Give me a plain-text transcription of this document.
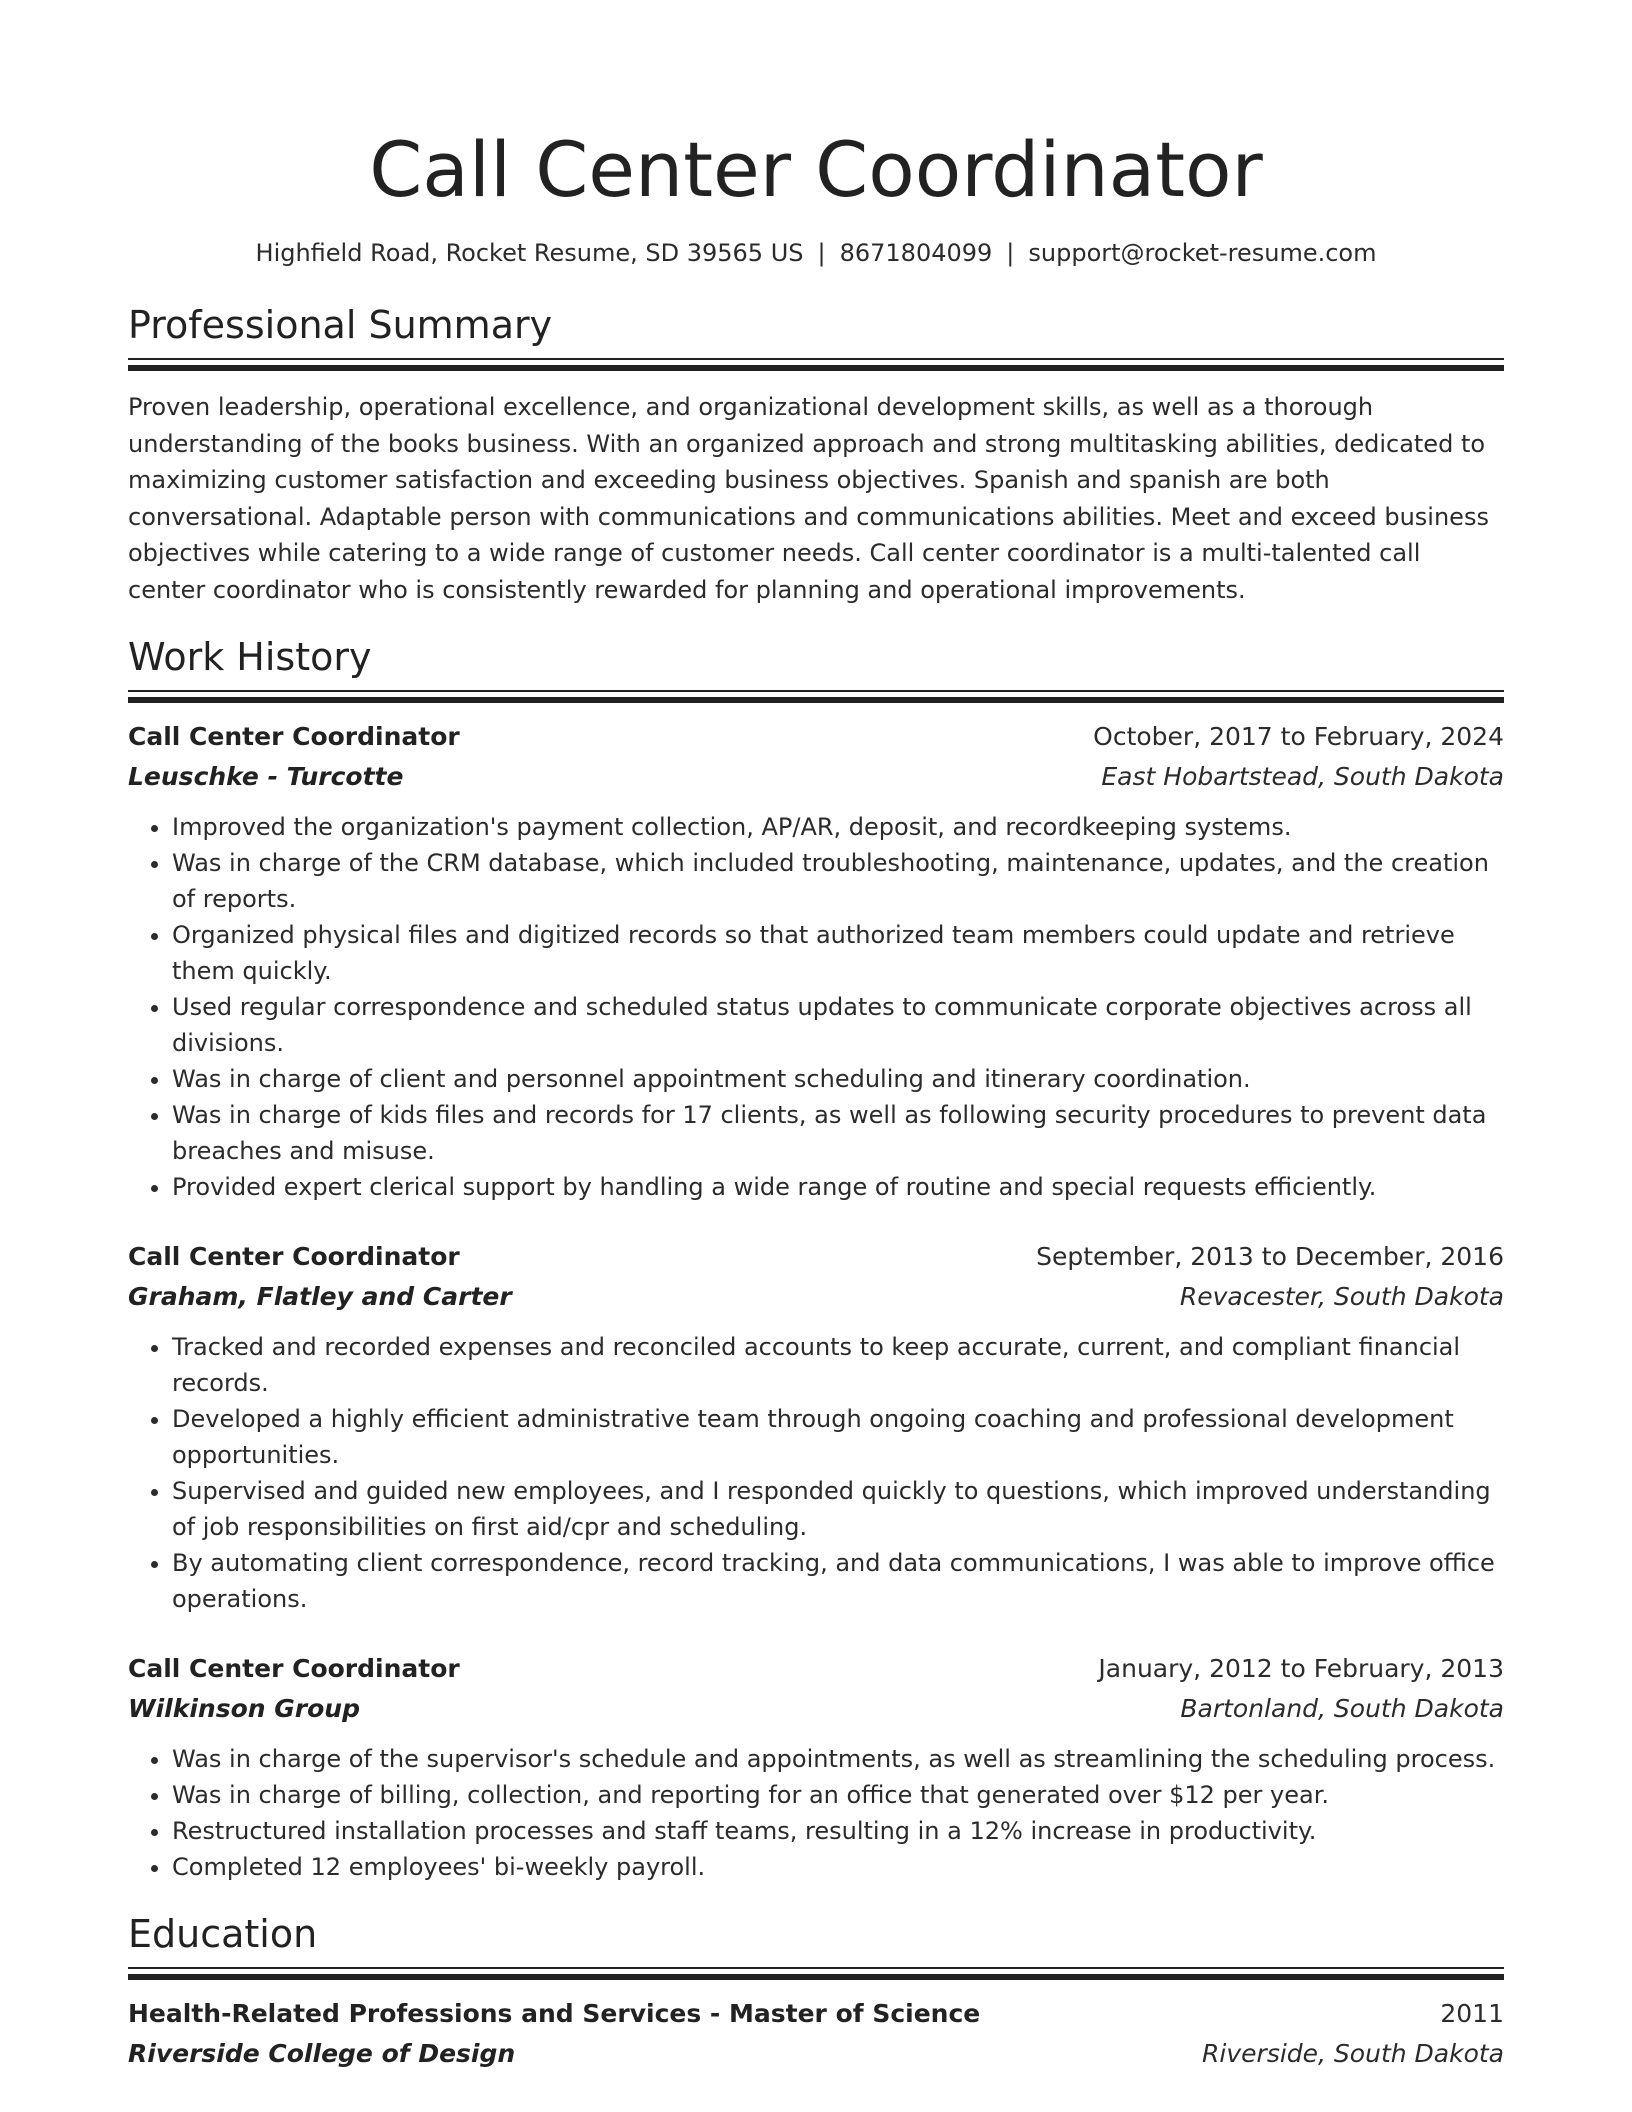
Call Center Coordinator
Highfield Road, Rocket Resume, SD 39565 US | 8671804099 | support@rocket-resume.com
Professional Summary
Proven leadership, operational excellence, and organizational development skills, as well as a thorough understanding of the books business. With an organized approach and strong multitasking abilities, dedicated to maximizing customer satisfaction and exceeding business objectives. Spanish and spanish are both conversational. Adaptable person with communications and communications abilities. Meet and exceed business objectives while catering to a wide range of customer needs. Call center coordinator is a multi-talented call center coordinator who is consistently rewarded for planning and operational improvements.
Work History
Call Center Coordinator	October, 2017 to February, 2024
Leuschke - Turcotte	East Hobartstead, South Dakota
• Improved the organization's payment collection, AP/AR, deposit, and recordkeeping systems.
• Was in charge of the CRM database, which included troubleshooting, maintenance, updates, and the creation of reports.
• Organized physical files and digitized records so that authorized team members could update and retrieve them quickly.
• Used regular correspondence and scheduled status updates to communicate corporate objectives across all divisions.
• Was in charge of client and personnel appointment scheduling and itinerary coordination.
• Was in charge of kids files and records for 17 clients, as well as following security procedures to prevent data breaches and misuse.
• Provided expert clerical support by handling a wide range of routine and special requests efficiently.
Call Center Coordinator	September, 2013 to December, 2016
Graham, Flatley and Carter	Revacester, South Dakota
• Tracked and recorded expenses and reconciled accounts to keep accurate, current, and compliant financial records.
• Developed a highly efficient administrative team through ongoing coaching and professional development opportunities.
• Supervised and guided new employees, and I responded quickly to questions, which improved understanding of job responsibilities on first aid/cpr and scheduling.
• By automating client correspondence, record tracking, and data communications, I was able to improve office operations.
Call Center Coordinator	January, 2012 to February, 2013
Wilkinson Group	Bartonland, South Dakota
• Was in charge of the supervisor's schedule and appointments, as well as streamlining the scheduling process.
• Was in charge of billing, collection, and reporting for an office that generated over $12 per year.
• Restructured installation processes and staff teams, resulting in a 12% increase in productivity.
• Completed 12 employees' bi-weekly payroll.
Education
Health-Related Professions and Services - Master of Science	2011
Riverside College of Design	Riverside, South Dakota
